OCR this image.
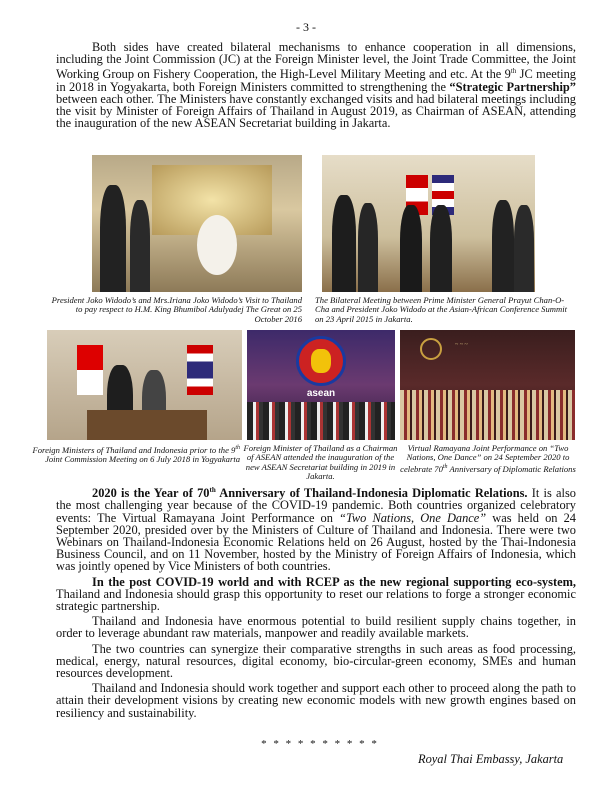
- 3 -

Both sides have created bilateral mechanisms to enhance cooperation in all dimensions, including the Joint Commission (JC) at the Foreign Minister level, the Joint Trade Committee, the Joint Working Group on Fishery Cooperation, the High-Level Military Meeting and etc. At the 9th JC meeting in 2018 in Yogyakarta, both Foreign Ministers committed to strengthening the “Strategic Partnership” between each other. The Ministers have constantly exchanged visits and had bilateral meetings including the visit by Minister of Foreign Affairs of Thailand in August 2019, as Chairman of ASEAN, attending the inauguration of the new ASEAN Secretariat building in Jakarta.

President Joko Widodo’s and Mrs.Iriana Joko Widodo’s Visit to Thailand to pay respect to H.M. King Bhumibol Adulyadej The Great on 25 October 2016
The Bilateral Meeting between Prime Minister General Prayut Chan-O-Cha and President Joko Widodo at the Asian-African Conference Summit on 23 April 2015 in Jakarta.
asean
~ ~ ~
Foreign Ministers of Thailand and Indonesia prior to the 9th Joint Commission Meeting on 6 July 2018 in Yogyakarta
Foreign Minister of Thailand as a Chairman of ASEAN attended the inauguration of the new ASEAN Secretariat building in 2019 in Jakarta.
Virtual Ramayana Joint Performance on “Two Nations, One Dance” on 24 September 2020 to celebrate 70th Anniversary of Diplomatic Relations

2020 is the Year of 70th Anniversary of Thailand-Indonesia Diplomatic Relations. It is also the most challenging year because of the COVID-19 pandemic. Both countries organized celebratory events: The Virtual Ramayana Joint Performance on “Two Nations, One Dance” was held on 24 September 2020, presided over by the Ministers of Culture of Thailand and Indonesia. There were two Webinars on Thailand-Indonesia Economic Relations held on 26 August, hosted by the Thai-Indonesia Business Council, and on 11 November, hosted by the Ministry of Foreign Affairs of Indonesia, which was jointly opened by Vice Ministers of both countries.

In the post COVID-19 world and with RCEP as the new regional supporting eco-system, Thailand and Indonesia should grasp this opportunity to reset our relations to forge a stronger economic strategic partnership.

Thailand and Indonesia have enormous potential to build resilient supply chains together, in order to leverage abundant raw materials, manpower and readily available markets.

The two countries can synergize their comparative strengths in such areas as food processing, medical, energy, natural resources, digital economy, bio-circular-green economy, SMEs and human resources development.

Thailand and Indonesia should work together and support each other to proceed along the path to attain their development visions by creating new economic models with new growth engines based on resiliency and sustainability.

* * * * * * * * * *
Royal Thai Embassy, Jakarta
